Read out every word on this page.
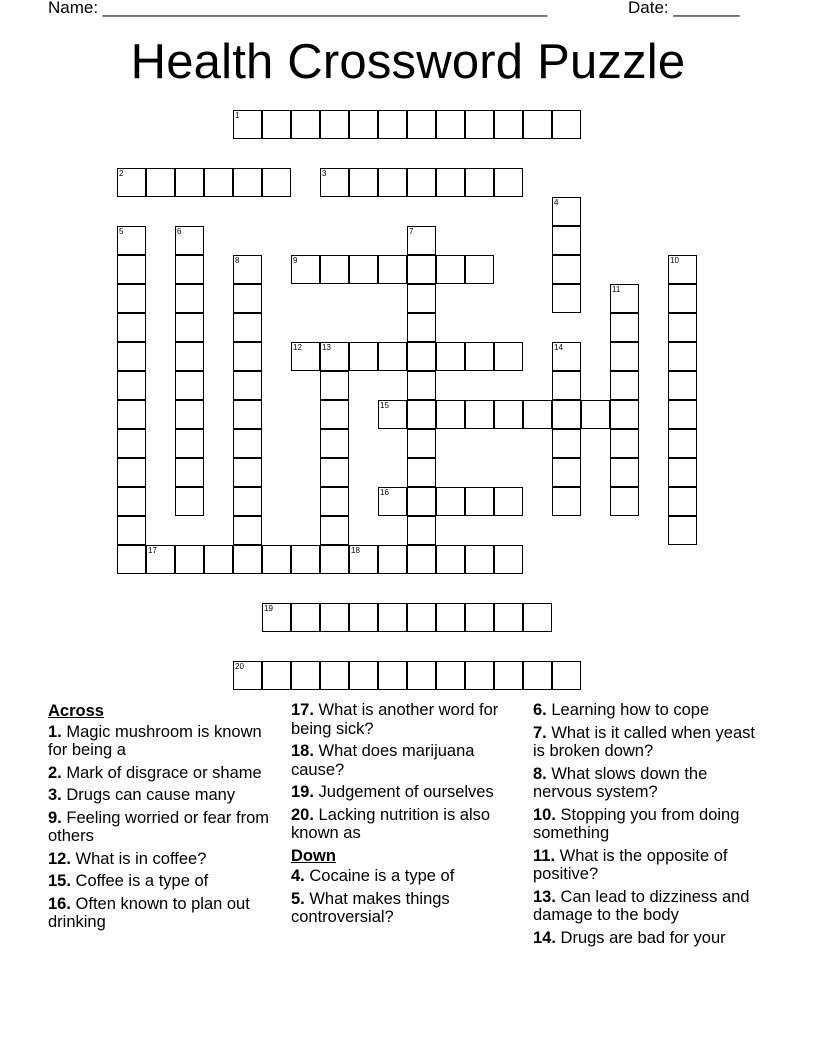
Name: _______________________________________________	Date: _______
Health Crossword Puzzle
1
2	3
4
5	6	7
8	9	10
11
12	13	14
15
16
17	18
19
20
Across
1. Magic mushroom is known for being a
2. Mark of disgrace or shame
3. Drugs can cause many
9. Feeling worried or fear from others
12. What is in coffee?
15. Coffee is a type of
16. Often known to plan out drinking
17. What is another word for being sick?
18. What does marijuana cause?
19. Judgement of ourselves
20. Lacking nutrition is also known as
Down
4. Cocaine is a type of
5. What makes things controversial?
6. Learning how to cope
7. What is it called when yeast is broken down?
8. What slows down the nervous system?
10. Stopping you from doing something
11. What is the opposite of positive?
13. Can lead to dizziness and damage to the body
14. Drugs are bad for your
